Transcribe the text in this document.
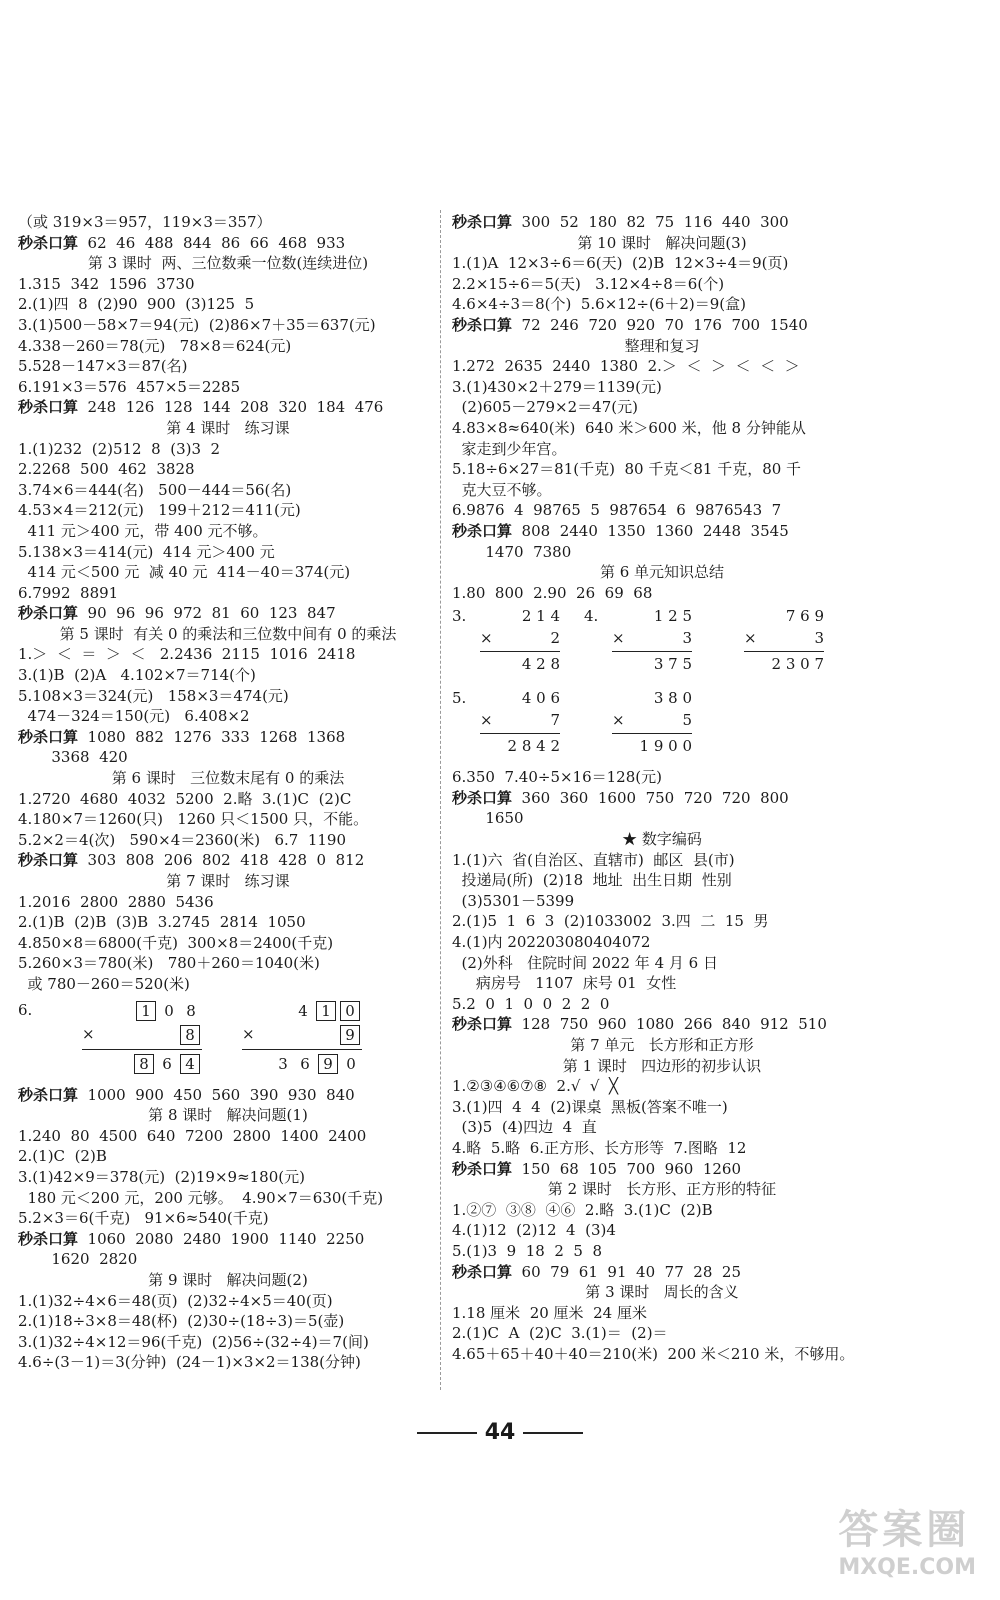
（或 319×3＝957，119×3＝357）
秒杀口算  62  46  488  844  86  66  468  933
第 3 课时  两、三位数乘一位数(连续进位)
1.315  342  1596  3730
2.(1)四  8  (2)90  900  (3)125  5
3.(1)500－58×7＝94(元)  (2)86×7＋35＝637(元)
4.338－260＝78(元)   78×8＝624(元)
5.528－147×3＝87(名)
6.191×3＝576  457×5＝2285
秒杀口算  248  126  128  144  208  320  184  476
第 4 课时   练习课
1.(1)232  (2)512  8  (3)3  2
2.2268  500  462  3828
3.74×6＝444(名)   500－444＝56(名)
4.53×4＝212(元)   199＋212＝411(元)
411 元＞400 元，带 400 元不够。
5.138×3＝414(元)  414 元＞400 元
414 元＜500 元  减 40 元  414－40＝374(元)
6.7992  8891
秒杀口算  90  96  96  972  81  60  123  847
第 5 课时  有关 0 的乘法和三位数中间有 0 的乘法
1.＞  ＜  ＝  ＞  ＜   2.2436  2115  1016  2418
3.(1)B  (2)A   4.102×7＝714(个)
5.108×3＝324(元)   158×3＝474(元)
474－324＝150(元)   6.408×2
秒杀口算  1080  882  1276  333  1268  1368
3368  420
第 6 课时   三位数末尾有 0 的乘法
1.2720  4680  4032  5200  2.略  3.(1)C  (2)C
4.180×7＝1260(只)   1260 只＜1500 只，不能。
5.2×2＝4(次)   590×4＝2360(米)   6.7  1190
秒杀口算  303  808  206  802  418  428  0  812
第 7 课时   练习课
1.2016  2800  2880  5436
2.(1)B  (2)B  (3)B  3.2745  2814  1050
4.850×8＝6800(千克)  300×8＝2400(千克)
5.260×3＝780(米)   780＋260＝1040(米)
或 780－260＝520(米)
6.	1 0 8
×	8
8 6 4
4 1 0
×	9
3 6 9 0
秒杀口算  1000  900  450  560  390  930  840
第 8 课时   解决问题(1)
1.240  80  4500  640  7200  2800  1400  2400
2.(1)C  (2)B
3.(1)42×9＝378(元)  (2)19×9≈180(元)
180 元＜200 元，200 元够。  4.90×7＝630(千克)
5.2×3＝6(千克)   91×6≈540(千克)
秒杀口算  1060  2080  2480  1900  1140  2250
1620  2820
第 9 课时   解决问题(2)
1.(1)32÷4×6＝48(页)  (2)32÷4×5＝40(页)
2.(1)18÷3×8＝48(杯)  (2)30÷(18÷3)＝5(壶)
3.(1)32÷4×12＝96(千克)  (2)56÷(32÷4)＝7(间)
4.6÷(3－1)＝3(分钟)  (24－1)×3×2＝138(分钟)
秒杀口算  300  52  180  82  75  116  440  300
第 10 课时   解决问题(3)
1.(1)A  12×3÷6＝6(天)  (2)B  12×3÷4＝9(页)
2.2×15÷6＝5(天)   3.12×4÷8＝6(个)
4.6×4÷3＝8(个)  5.6×12÷(6＋2)＝9(盒)
秒杀口算  72  246  720  920  70  176  700  1540
整理和复习
1.272  2635  2440  1380  2.＞  ＜  ＞  ＜  ＜  ＞
3.(1)430×2＋279＝1139(元)
(2)605－279×2＝47(元)
4.83×8≈640(米)  640 米＞600 米，他 8 分钟能从
家走到少年宫。
5.18÷6×27＝81(千克)  80 千克＜81 千克，80 千
克大豆不够。
6.9876  4  98765  5  987654  6  9876543  7
秒杀口算  808  2440  1350  1360  2448  3545
1470  7380
第 6 单元知识总结
1.80  800  2.90  26  69  68
3.	2 1 4
×	2
4 2 8
4.	1 2 5
×	3
3 7 5
7 6 9
×	3
2 3 0 7
5.	4 0 6
×	7
2 8 4 2
3 8 0
×	5
1 9 0 0
6.350  7.40÷5×16＝128(元)
秒杀口算  360  360  1600  750  720  720  800
1650
★ 数字编码
1.(1)六  省(自治区、直辖市)  邮区  县(市)
投递局(所)  (2)18  地址  出生日期  性别
(3)5301－5399
2.(1)5  1  6  3  (2)1033002  3.四  二  15  男
4.(1)内 202203080404072
(2)外科   住院时间 2022 年 4 月 6 日
病房号   1107  床号 01  女性
5.2  0  1  0  0  2  2  0
秒杀口算  128  750  960  1080  266  840  912  510
第 7 单元   长方形和正方形
第 1 课时   四边形的初步认识
1.②③④⑥⑦⑧  2.√  √  ╳
3.(1)四  4  4  (2)课桌  黑板(答案不唯一)
(3)5  (4)四边  4  直
4.略  5.略  6.正方形、长方形等  7.图略  12
秒杀口算  150  68  105  700  960  1260
第 2 课时   长方形、正方形的特征
1.②⑦  ③⑧  ④⑥  2.略  3.(1)C  (2)B
4.(1)12  (2)12  4  (3)4
5.(1)3  9  18  2  5  8
秒杀口算  60  79  61  91  40  77  28  25
第 3 课时   周长的含义
1.18 厘米  20 厘米  24 厘米
2.(1)C  A  (2)C  3.(1)＝  (2)＝
4.65＋65＋40＋40＝210(米)  200 米＜210 米，不够用。
44
答案圈
MXQE.COM
